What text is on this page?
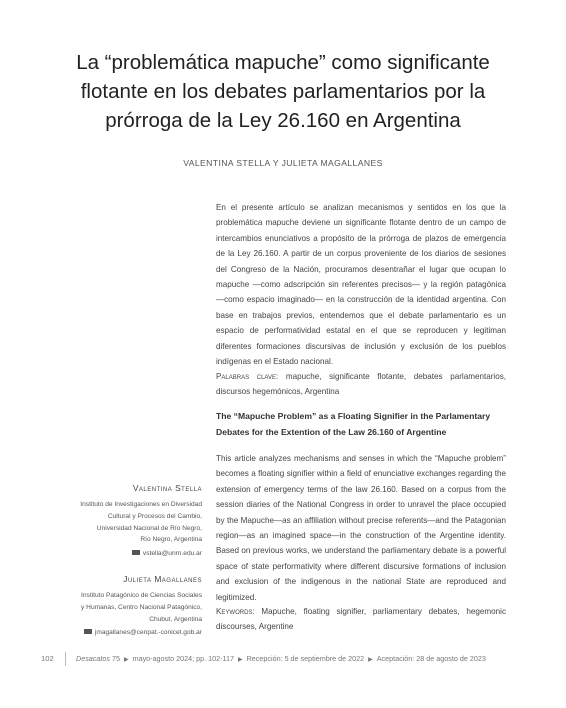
La “problemática mapuche” como significante
flotante en los debates parlamentarios por la
prórroga de la Ley 26.160 en Argentina
VALENTINA STELLA Y JULIETA MAGALLANES

En el presente artículo se analizan mecanismos y sentidos en los que la problemática mapuche deviene un significante flotante dentro de un campo de intercambios enunciativos a propósito de la prórroga de plazos de emergencia de la Ley 26.160. A partir de un corpus proveniente de los diarios de sesiones del Congreso de la Nación, procuramos desentrañar el lugar que ocupan lo mapuche —como adscripción sin referentes precisos— y la región patagónica —como espacio imaginado— en la construcción de la identidad argentina. Con base en trabajos previos, entendemos que el debate parlamentario es un espacio de performatividad estatal en el que se reproducen y legitiman diferentes formaciones discursivas de inclusión y exclusión de los pueblos indígenas en el Estado nacional.

Palabras clave: mapuche, significante flotante, debates parlamentarios, discursos hegemónicos, Argentina

The “Mapuche Problem” as a Floating Signifier in the Parlamentary Debates for the Extention of the Law 26.160 of Argentine

This article analyzes mechanisms and senses in which the “Mapuche problem” becomes a floating signifier within a field of enunciative exchanges regarding the extension of emergency terms of the law 26.160. Based on a corpus from the session diaries of the National Congress in order to unravel the place occupied by the Mapuche—as an affiliation without precise referents—and the Patagonian region—as an imagined space—in the construction of the Argentine identity. Based on previous works, we understand the parliamentary debate is a powerful space of state performativity where different discursive formations of inclusion and exclusion of the indigenous in the national State are reproduced and legitimized.

Keywords: Mapuche, floating signifier, parliamentary debates, hegemonic discourses, Argentine

Valentina Stella
Instituto de Investigaciones en Diversidad
Cultural y Procesos del Cambio,
Universidad Nacional de Río Negro,
Río Negro, Argentina
vstella@unrn.edu.ar
Julieta Magallanes
Instituto Patagónico de Ciencias Sociales
y Humanas, Centro Nacional Patagónico,
Chubut, Argentina
jmagallanes@cenpat.-conicet.gob.ar
102	Desacatos 75 ▶ mayo-agosto 2024; pp. 102-117 ▶ Recepción: 5 de septiembre de 2022 ▶ Aceptación: 28 de agosto de 2023
